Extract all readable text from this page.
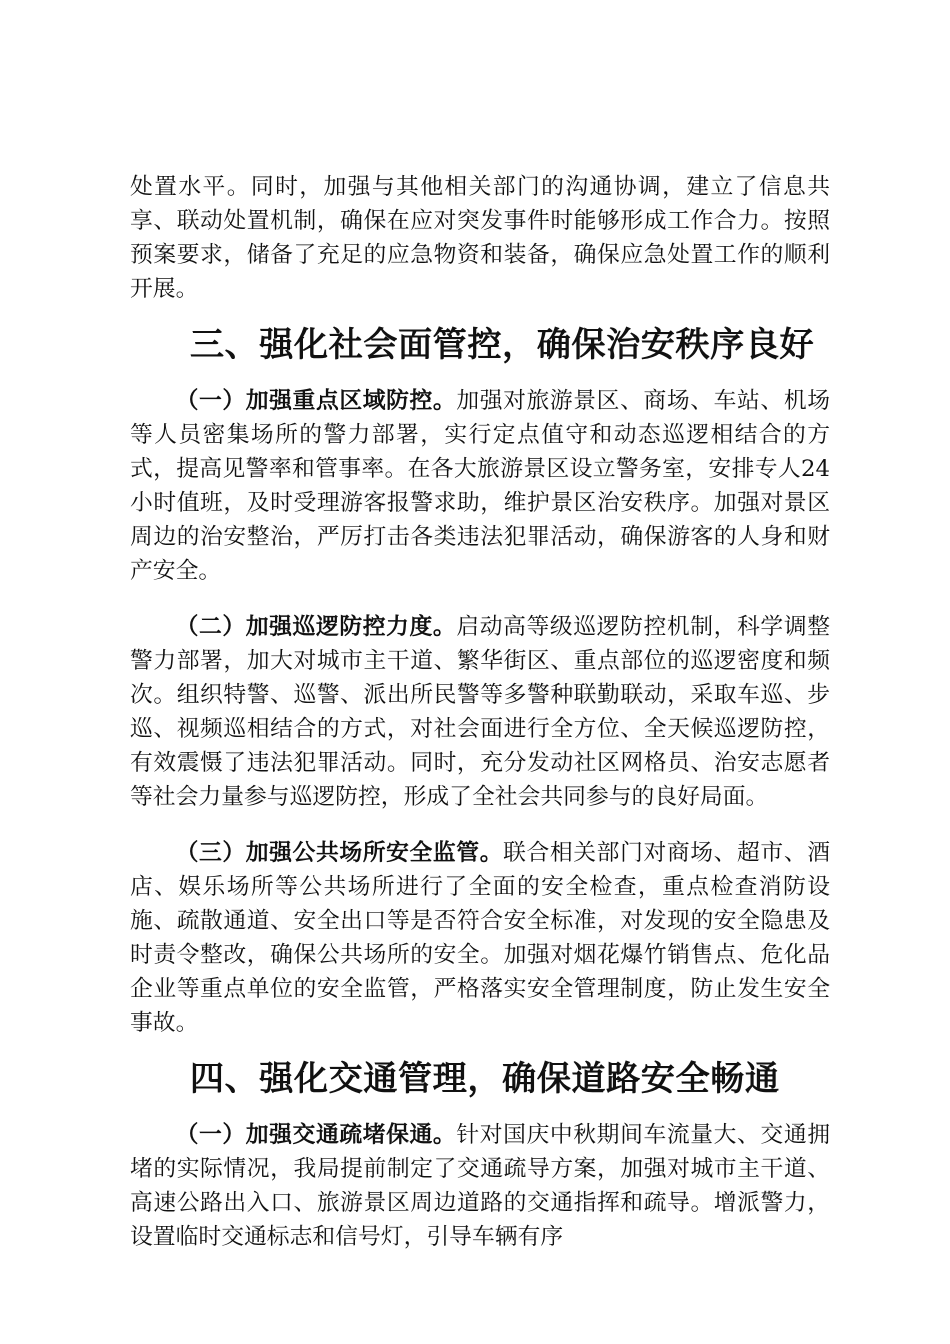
处置水平。同时，加强与其他相关部门的沟通协调，建立了信息共享、联动处置机制，确保在应对突发事件时能够形成工作合力。按照预案要求，储备了充足的应急物资和装备，确保应急处置工作的顺利开展。

三、强化社会面管控，确保治安秩序良好

（一）加强重点区域防控。加强对旅游景区、商场、车站、机场等人员密集场所的警力部署，实行定点值守和动态巡逻相结合的方式，提高见警率和管事率。在各大旅游景区设立警务室，安排专人24小时值班，及时受理游客报警求助，维护景区治安秩序。加强对景区周边的治安整治，严厉打击各类违法犯罪活动，确保游客的人身和财产安全。

（二）加强巡逻防控力度。启动高等级巡逻防控机制，科学调整警力部署，加大对城市主干道、繁华街区、重点部位的巡逻密度和频次。组织特警、巡警、派出所民警等多警种联勤联动，采取车巡、步巡、视频巡相结合的方式，对社会面进行全方位、全天候巡逻防控，有效震慑了违法犯罪活动。同时，充分发动社区网格员、治安志愿者等社会力量参与巡逻防控，形成了全社会共同参与的良好局面。

（三）加强公共场所安全监管。联合相关部门对商场、超市、酒店、娱乐场所等公共场所进行了全面的安全检查，重点检查消防设施、疏散通道、安全出口等是否符合安全标准，对发现的安全隐患及时责令整改，确保公共场所的安全。加强对烟花爆竹销售点、危化品企业等重点单位的安全监管，严格落实安全管理制度，防止发生安全事故。

四、强化交通管理，确保道路安全畅通

（一）加强交通疏堵保通。针对国庆中秋期间车流量大、交通拥堵的实际情况，我局提前制定了交通疏导方案，加强对城市主干道、高速公路出入口、旅游景区周边道路的交通指挥和疏导。增派警力，设置临时交通标志和信号灯，引导车辆有序
